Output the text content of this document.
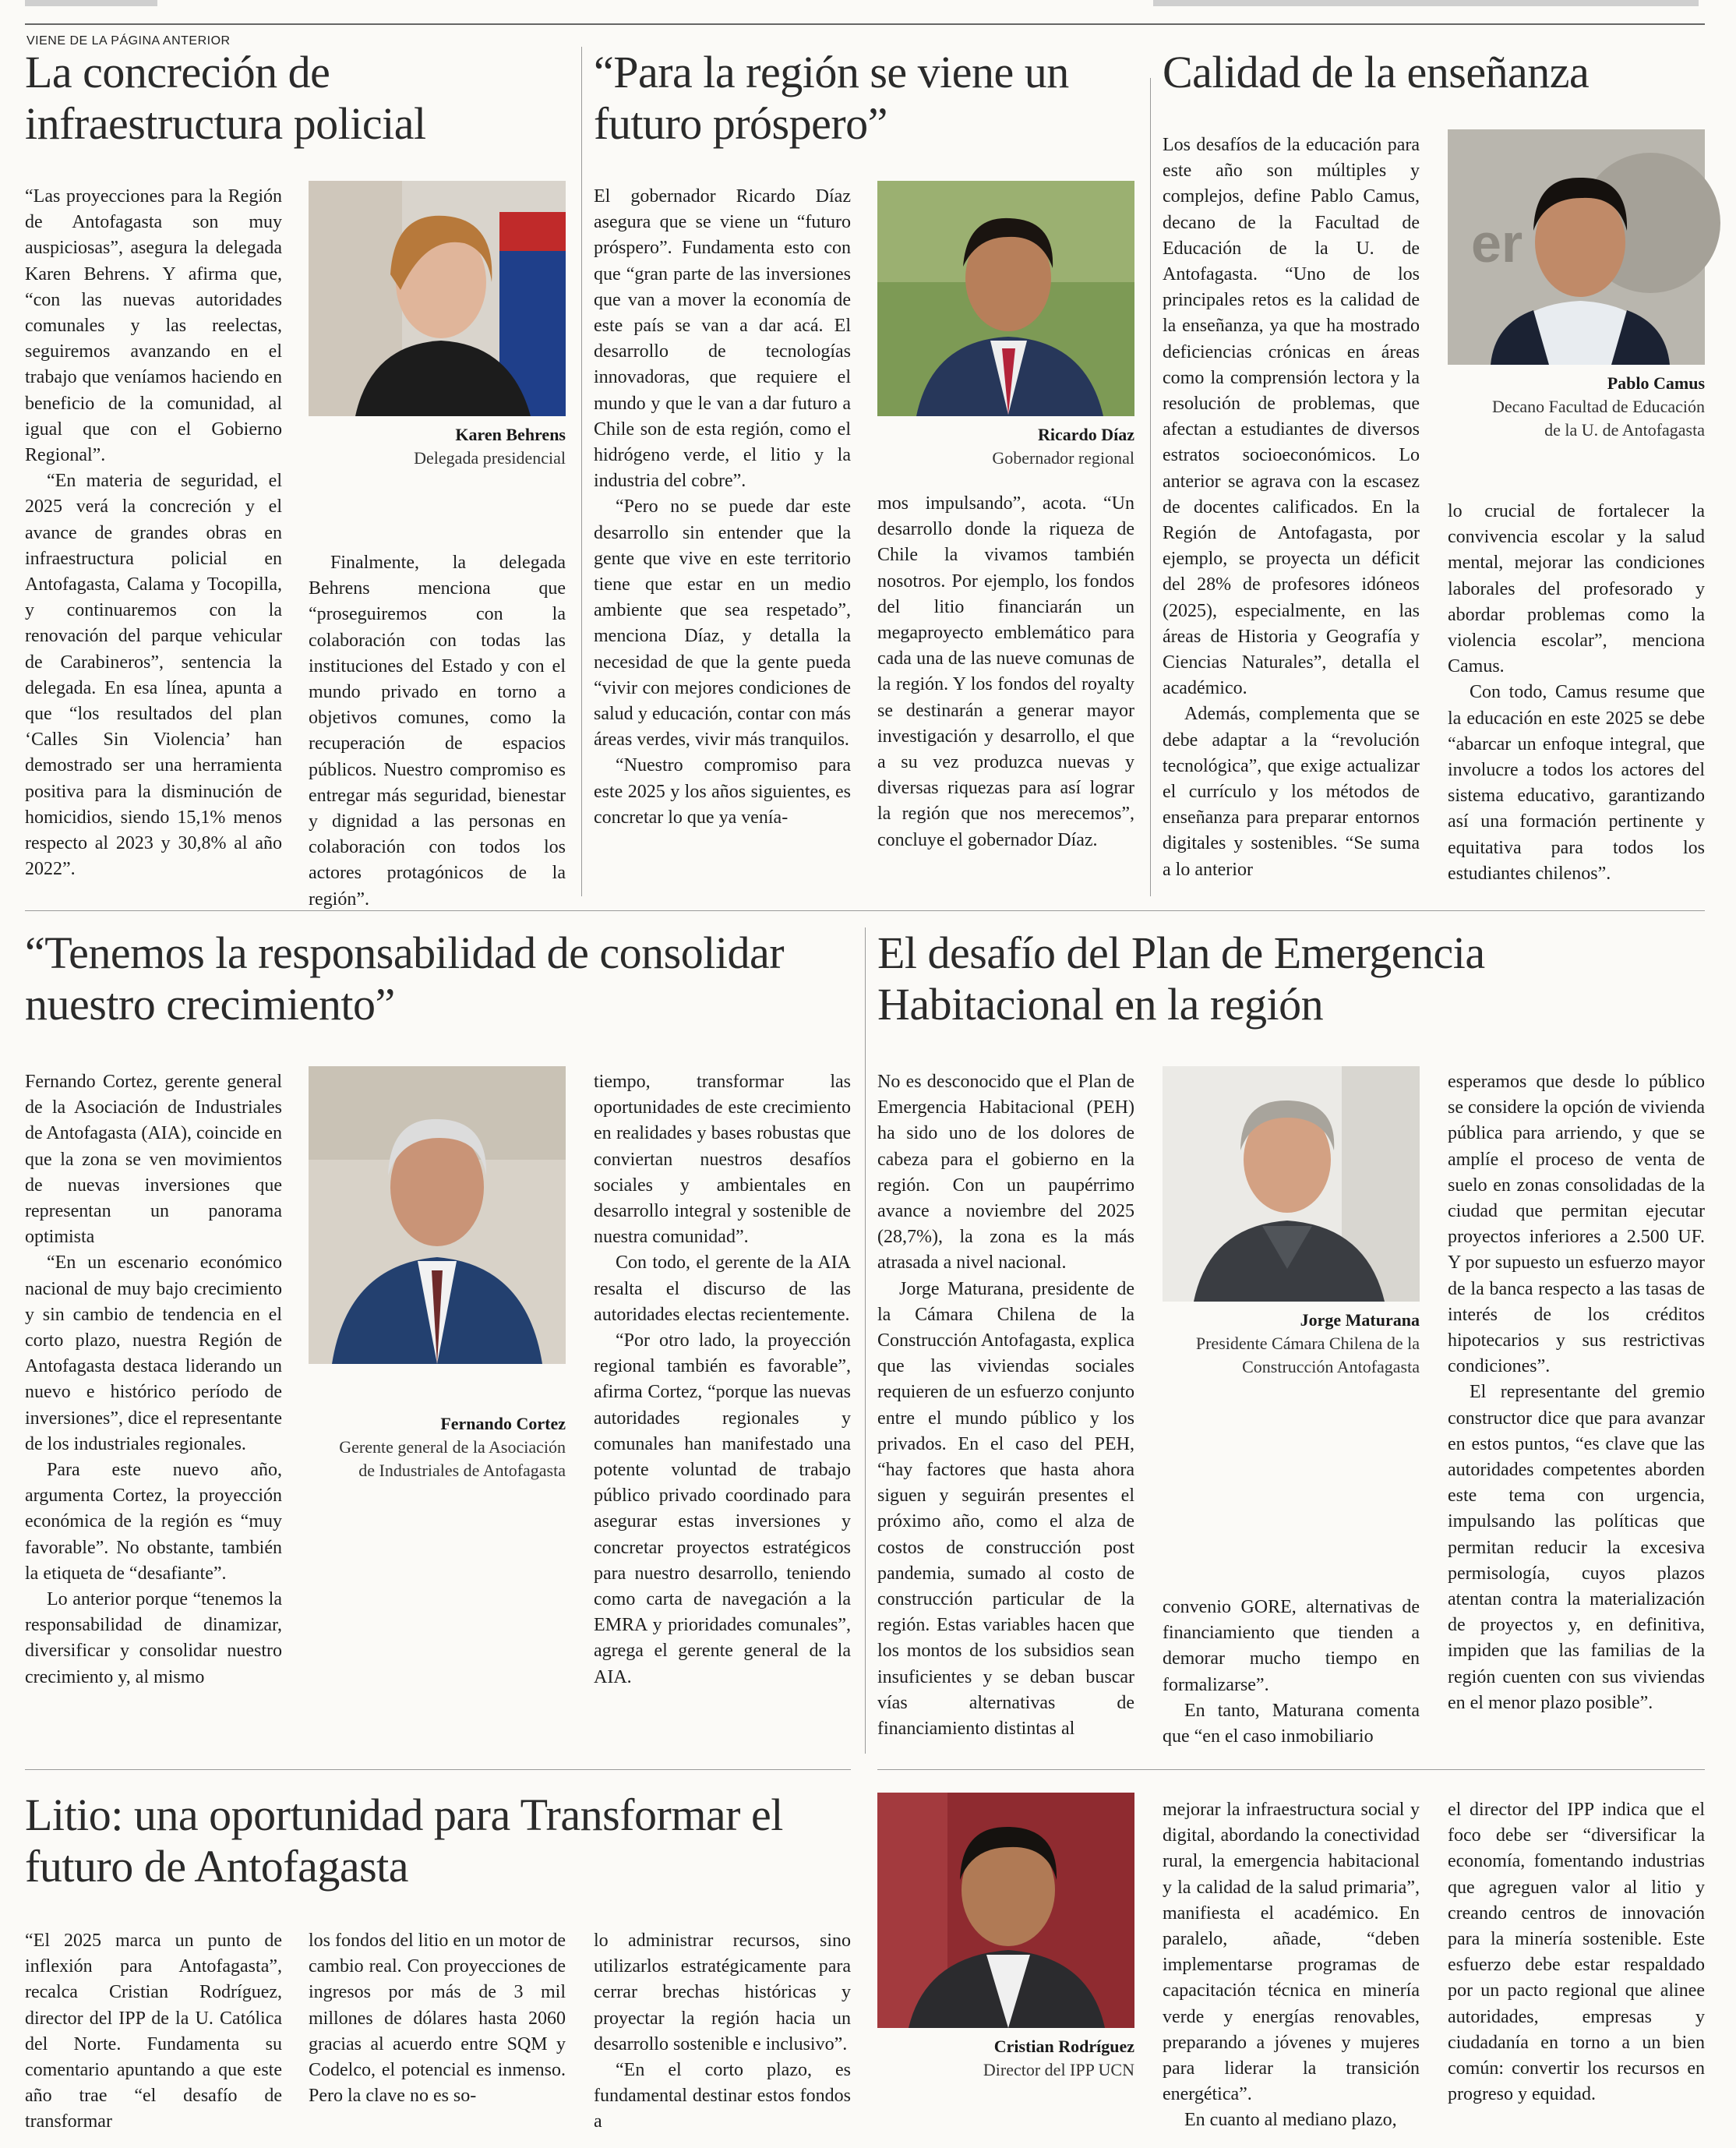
VIENE DE LA PÁGINA ANTERIOR
La concreción de infraestructura policial

“Las proyecciones para la Región de Antofagasta son muy auspiciosas”, asegura la delegada Karen Behrens. Y afirma que, “con las nuevas autoridades comunales y las reelectas, seguiremos avanzando en el trabajo que veníamos haciendo en beneficio de la comunidad, al igual que con el Gobierno Regional”.

“En materia de seguridad, el 2025 verá la concreción y el avance de grandes obras en infraestructura policial en Antofagasta, Calama y Tocopilla, y continuaremos con la renovación del parque vehicular de Carabineros”, sentencia la delegada. En esa línea, apunta a que “los resultados del plan ‘Calles Sin Violencia’ han demostrado ser una herramienta positiva para la disminución de homicidios, siendo 15,1% menos respecto al 2023 y 30,8% al año 2022”.

Karen Behrens
Delegada presidencial

Finalmente, la delegada Behrens menciona que “proseguiremos con la colaboración con todas las instituciones del Estado y con el mundo privado en torno a objetivos comunes, como la recuperación de espacios públicos. Nuestro compromiso es entregar más seguridad, bienestar y dignidad a las personas en colaboración con todos los actores protagónicos de la región”.

“Para la región se viene un futuro próspero”

El gobernador Ricardo Díaz asegura que se viene un “futuro próspero”. Fundamenta esto con que “gran parte de las inversiones que van a mover la economía de este país se van a dar acá. El desarrollo de tecnologías innovadoras, que requiere el mundo y que le van a dar futuro a Chile son de esta región, como el hidrógeno verde, el litio y la industria del cobre”.

“Pero no se puede dar este desarrollo sin entender que la gente que vive en este territorio tiene que estar en un medio ambiente que sea respetado”, menciona Díaz, y detalla la necesidad de que la gente pueda “vivir con mejores condiciones de salud y educación, contar con más áreas verdes, vivir más tranquilos.

“Nuestro compromiso para este 2025 y los años siguientes, es concretar lo que ya venía-

Ricardo Díaz
Gobernador regional

mos impulsando”, acota. “Un desarrollo donde la riqueza de Chile la vivamos también nosotros. Por ejemplo, los fondos del litio financiarán un megaproyecto emblemático para cada una de las nueve comunas de la región. Y los fondos del royalty se destinarán a generar mayor investigación y desarrollo, el que a su vez produzca nuevas y diversas riquezas para así lograr la región que nos merecemos”, concluye el gobernador Díaz.

Calidad de la enseñanza

Los desafíos de la educación para este año son múltiples y complejos, define Pablo Camus, decano de la Facultad de Educación de la U. de Antofagasta. “Uno de los principales retos es la calidad de la enseñanza, ya que ha mostrado deficiencias crónicas en áreas como la comprensión lectora y la resolución de problemas, que afectan a estudiantes de diversos estratos socioeconómicos. Lo anterior se agrava con la escasez de docentes calificados. En la Región de Antofagasta, por ejemplo, se proyecta un déficit del 28% de profesores idóneos (2025), especialmente, en las áreas de Historia y Geografía y Ciencias Naturales”, detalla el académico.

Además, complementa que se debe adaptar a la “revolución tecnológica”, que exige actualizar el currículo y los métodos de enseñanza para preparar entornos digitales y sostenibles. “Se suma a lo anterior

er
Pablo Camus
Decano Facultad de Educación
de la U. de Antofagasta

lo crucial de fortalecer la convivencia escolar y la salud mental, mejorar las condiciones laborales del profesorado y abordar problemas como la violencia escolar”, menciona Camus.

Con todo, Camus resume que la educación en este 2025 se debe “abarcar un enfoque integral, que involucre a todos los actores del sistema educativo, garantizando así una formación pertinente y equitativa para todos los estudiantes chilenos”.

“Tenemos la responsabilidad de consolidar nuestro crecimiento”

Fernando Cortez, gerente general de la Asociación de Industriales de Antofagasta (AIA), coincide en que la zona se ven movimientos de nuevas inversiones que representan un panorama optimista

“En un escenario económico nacional de muy bajo crecimiento y sin cambio de tendencia en el corto plazo, nuestra Región de Antofagasta destaca liderando un nuevo e histórico período de inversiones”, dice el representante de los industriales regionales.

Para este nuevo año, argumenta Cortez, la proyección económica de la región es “muy favorable”. No obstante, también la etiqueta de “desafiante”.

Lo anterior porque “tenemos la responsabilidad de dinamizar, diversificar y consolidar nuestro crecimiento y, al mismo

Fernando Cortez
Gerente general de la Asociación
de Industriales de Antofagasta

tiempo, transformar las oportunidades de este crecimiento en realidades y bases robustas que conviertan nuestros desafíos sociales y ambientales en desarrollo integral y sostenible de nuestra comunidad”.

Con todo, el gerente de la AIA resalta el discurso de las autoridades electas recientemente.

“Por otro lado, la proyección regional también es favorable”, afirma Cortez, “porque las nuevas autoridades regionales y comunales han manifestado una potente voluntad de trabajo público privado coordinado para asegurar estas inversiones y concretar proyectos estratégicos para nuestro desarrollo, teniendo como carta de navegación a la EMRA y prioridades comunales”, agrega el gerente general de la AIA.

El desafío del Plan de Emergencia Habitacional en la región

No es desconocido que el Plan de Emergencia Habitacional (PEH) ha sido uno de los dolores de cabeza para el gobierno en la región. Con un paupérrimo avance a noviembre del 2025 (28,7%), la zona es la más atrasada a nivel nacional.

Jorge Maturana, presidente de la Cámara Chilena de la Construcción Antofagasta, explica que las viviendas sociales requieren de un esfuerzo conjunto entre el mundo público y los privados. En el caso del PEH, “hay factores que hasta ahora siguen y seguirán presentes el próximo año, como el alza de costos de construcción post pandemia, sumado al costo de construcción particular de la región. Estas variables hacen que los montos de los subsidios sean insuficientes y se deban buscar vías alternativas de financiamiento distintas al

Jorge Maturana
Presidente Cámara Chilena de la
Construcción Antofagasta

convenio GORE, alternativas de financiamiento que tienden a demorar mucho tiempo en formalizarse”.

En tanto, Maturana comenta que “en el caso inmobiliario

esperamos que desde lo público se considere la opción de vivienda pública para arriendo, y que se amplíe el proceso de venta de suelo en zonas consolidadas de la ciudad que permitan ejecutar proyectos inferiores a 2.500 UF. Y por supuesto un esfuerzo mayor de la banca respecto a las tasas de interés de los créditos hipotecarios y sus restrictivas condiciones”.

El representante del gremio constructor dice que para avanzar en estos puntos, “es clave que las autoridades competentes aborden este tema con urgencia, impulsando las políticas que permitan reducir la excesiva permisología, cuyos plazos atentan contra la materialización de proyectos y, en definitiva, impiden que las familias de la región cuenten con sus viviendas en el menor plazo posible”.

Litio: una oportunidad para Transformar el futuro de Antofagasta

“El 2025 marca un punto de inflexión para Antofagasta”, recalca Cristian Rodríguez, director del IPP de la U. Católica del Norte. Fundamenta su comentario apuntando a que este año trae “el desafío de transformar

los fondos del litio en un motor de cambio real. Con proyecciones de ingresos por más de 3 mil millones de dólares hasta 2060 gracias al acuerdo entre SQM y Codelco, el potencial es inmenso. Pero la clave no es so-

lo administrar recursos, sino utilizarlos estratégicamente para cerrar brechas históricas y proyectar la región hacia un desarrollo sostenible e inclusivo”.

“En el corto plazo, es fundamental destinar estos fondos a

Cristian Rodríguez
Director del IPP UCN

mejorar la infraestructura social y digital, abordando la conectividad rural, la emergencia habitacional y la calidad de la salud primaria”, manifiesta el académico. En paralelo, añade, “deben implementarse programas de capacitación técnica en minería verde y energías renovables, preparando a jóvenes y mujeres para liderar la transición energética”.

En cuanto al mediano plazo,

el director del IPP indica que el foco debe ser “diversificar la economía, fomentando industrias que agreguen valor al litio y creando centros de innovación para la minería sostenible. Este esfuerzo debe estar respaldado por un pacto regional que alinee autoridades, empresas y ciudadanía en torno a un bien común: convertir los recursos en progreso y equidad.
